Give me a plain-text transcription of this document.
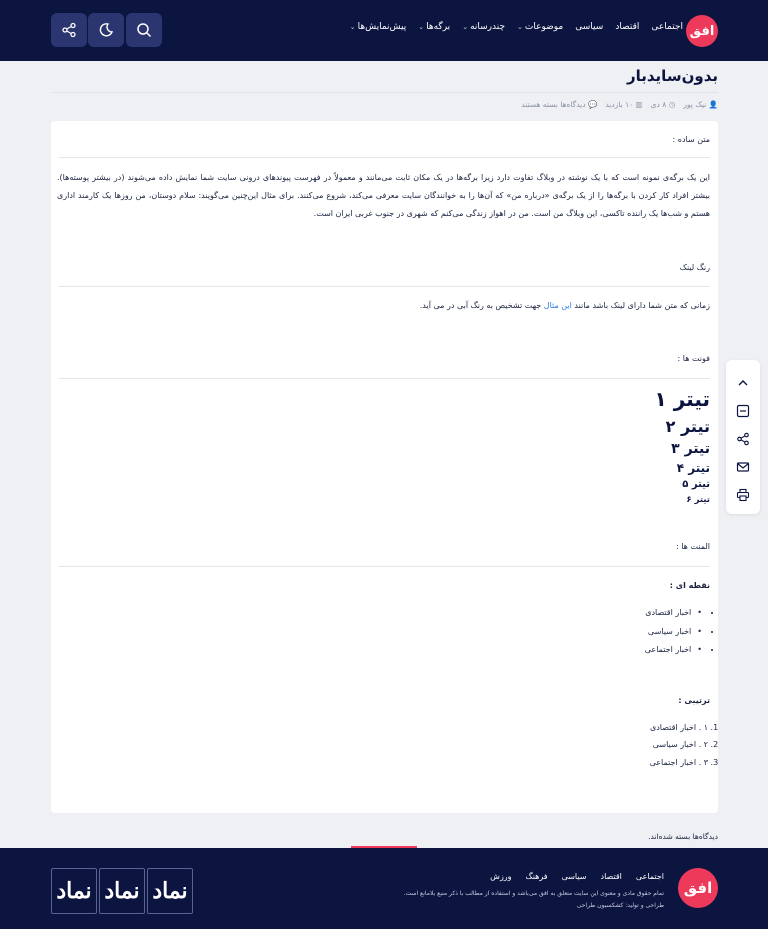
افق
اجتماعی
اقتصاد
سیاسی
موضوعات⌄
چندرسانه⌄
برگه‌ها⌄
پیش‌نمایش‌ها⌄
بدون‌سایدبار
👤 نیک پور
◷ ۸ دی
▥ ۱۰ بازدید
💬 دیدگاه‌ها بسته هستند
متن ساده :

این یک برگه‌ی نمونه است که با یک نوشته در وبلاگ تفاوت دارد زیرا برگه‌ها در یک مکان ثابت می‌مانند و معمولاً در فهرست پیوندهای درونی سایت شما نمایش داده می‌شوند (در بیشتر پوسته‌ها). بیشتر افراد کار کردن با برگه‌ها را از یک برگه‌ی «درباره من» که آن‌ها را به خوانندگان سایت معرفی می‌کند، شروع می‌کنند. برای مثال این‌چنین می‌گویند: سلام دوستان، من روزها یک کارمند اداری هستم و شب‌ها یک راننده تاکسی، این وبلاگ من است. من در اهواز زندگی می‌کنم که شهری در جنوب غربی ایران است.

رنگ لینک
زمانی که متن شما دارای لینک باشد مانند این مثال جهت تشخیص به رنگ آبی در می آید.
فونت ها :
تیتر ۱
تیتر ۲
تیتر ۳
تیتر ۴
تیتر ۵
تیتر ۶
المنت ها :
نقطه ای :
• • اخبار اقتصادی
• • اخبار سیاسی
• • اخبار اجتماعی
ترتیبی :
1. ۱ . اخبار اقتصادی
2. ۲ . اخبار سیاسی
3. ۳ . اخبار اجتماعی
دیدگاه‌ها بسته شده‌اند.
افق
اجتماعی
اقتصاد
سیاسی
فرهنگ
ورزش
تمام حقوق مادی و معنوی این سایت متعلق به افق می‌باشد و استفاده از مطالب با ذکر منبع بلامانع است.
طراحی و تولید: کشکسیون طراحی
نماد
نماد
نماد
